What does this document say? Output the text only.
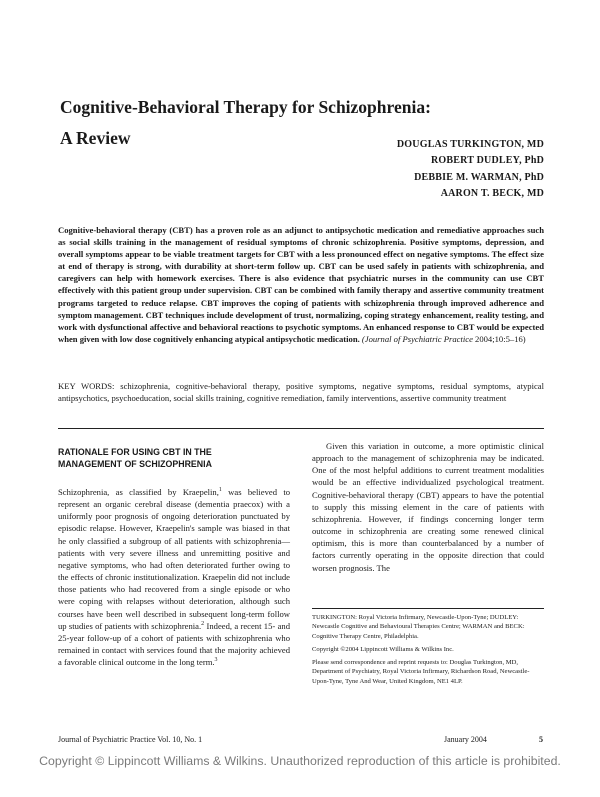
Cognitive-Behavioral Therapy for Schizophrenia:
A Review	DOUGLAS TURKINGTON, MD
ROBERT DUDLEY, PhD
DEBBIE M. WARMAN, PhD
AARON T. BECK, MD
Cognitive-behavioral therapy (CBT) has a proven role as an adjunct to antipsychotic medication and remediative approaches such as social skills training in the management of residual symptoms of chronic schizophrenia. Positive symptoms, depression, and overall symptoms appear to be viable treatment targets for CBT with a less pronounced effect on negative symptoms. The effect size at end of therapy is strong, with durability at short-term follow up. CBT can be used safely in patients with schizophrenia, and caregivers can help with homework exercises. There is also evidence that psychiatric nurses in the community can use CBT effectively with this patient group under supervision. CBT can be combined with family therapy and assertive community treatment programs targeted to reduce relapse. CBT improves the coping of patients with schizophrenia through improved adherence and symptom management. CBT techniques include development of trust, normalizing, coping strategy enhancement, reality testing, and work with dysfunctional affective and behavioral reactions to psychotic symptoms. An enhanced response to CBT would be expected when given with low dose cognitively enhancing atypical antipsychotic medication. (Journal of Psychiatric Practice 2004;10:5–16)
KEY WORDS: schizophrenia, cognitive-behavioral therapy, positive symptoms, negative symptoms, residual symptoms, atypical antipsychotics, psychoeducation, social skills training, cognitive remediation, family interventions, assertive community treatment
RATIONALE FOR USING CBT IN THE
MANAGEMENT OF SCHIZOPHRENIA

Schizophrenia, as classified by Kraepelin,$^1$ was believed to represent an organic cerebral disease (dementia praecox) with a uniformly poor prognosis of ongoing deterioration punctuated by episodic relapse. However, Kraepelin's sample was biased in that he only classified a subgroup of all patients with schizophrenia—patients with very severe illness and unremitting positive and negative symptoms, who had often deteriorated further owing to the effects of chronic institutionalization. Kraepelin did not include those patients who had recovered from a single episode or who were coping with relapses without deterioration, although such courses have been well described in subsequent long-term follow up studies of patients with schizophrenia.$^2$ Indeed, a recent 15- and 25-year follow-up of a cohort of patients with schizophrenia who remained in contact with services found that the majority achieved a favorable clinical outcome in the long term.$^3$

Given this variation in outcome, a more optimistic clinical approach to the management of schizophrenia may be indicated. One of the most helpful additions to current treatment modalities would be an effective individualized psychological treatment. Cognitive-behavioral therapy (CBT) appears to have the potential to supply this missing element in the care of patients with schizophrenia. However, if findings concerning longer term outcome in schizophrenia are creating some renewed clinical optimism, this is more than counterbalanced by a number of factors currently operating in the opposite direction that could worsen prognosis. The

TURKINGTON: Royal Victoria Infirmary, Newcastle-Upon-Tyne; DUDLEY: Newcastle Cognitive and Behavioural Therapies Centre; WARMAN and BECK: Cognitive Therapy Centre, Philadelphia.

Copyright ©2004 Lippincott Williams & Wilkins Inc.

Please send correspondence and reprint requests to: Douglas Turkington, MD, Department of Psychiatry, Royal Victoria Infirmary, Richardson Road, Newcastle-Upon-Tyne, Tyne And Wear, United Kingdom, NE1 4LP.

Journal of Psychiatric Practice Vol. 10, No. 1	January 2004	5
Copyright © Lippincott Williams & Wilkins. Unauthorized reproduction of this article is prohibited.
